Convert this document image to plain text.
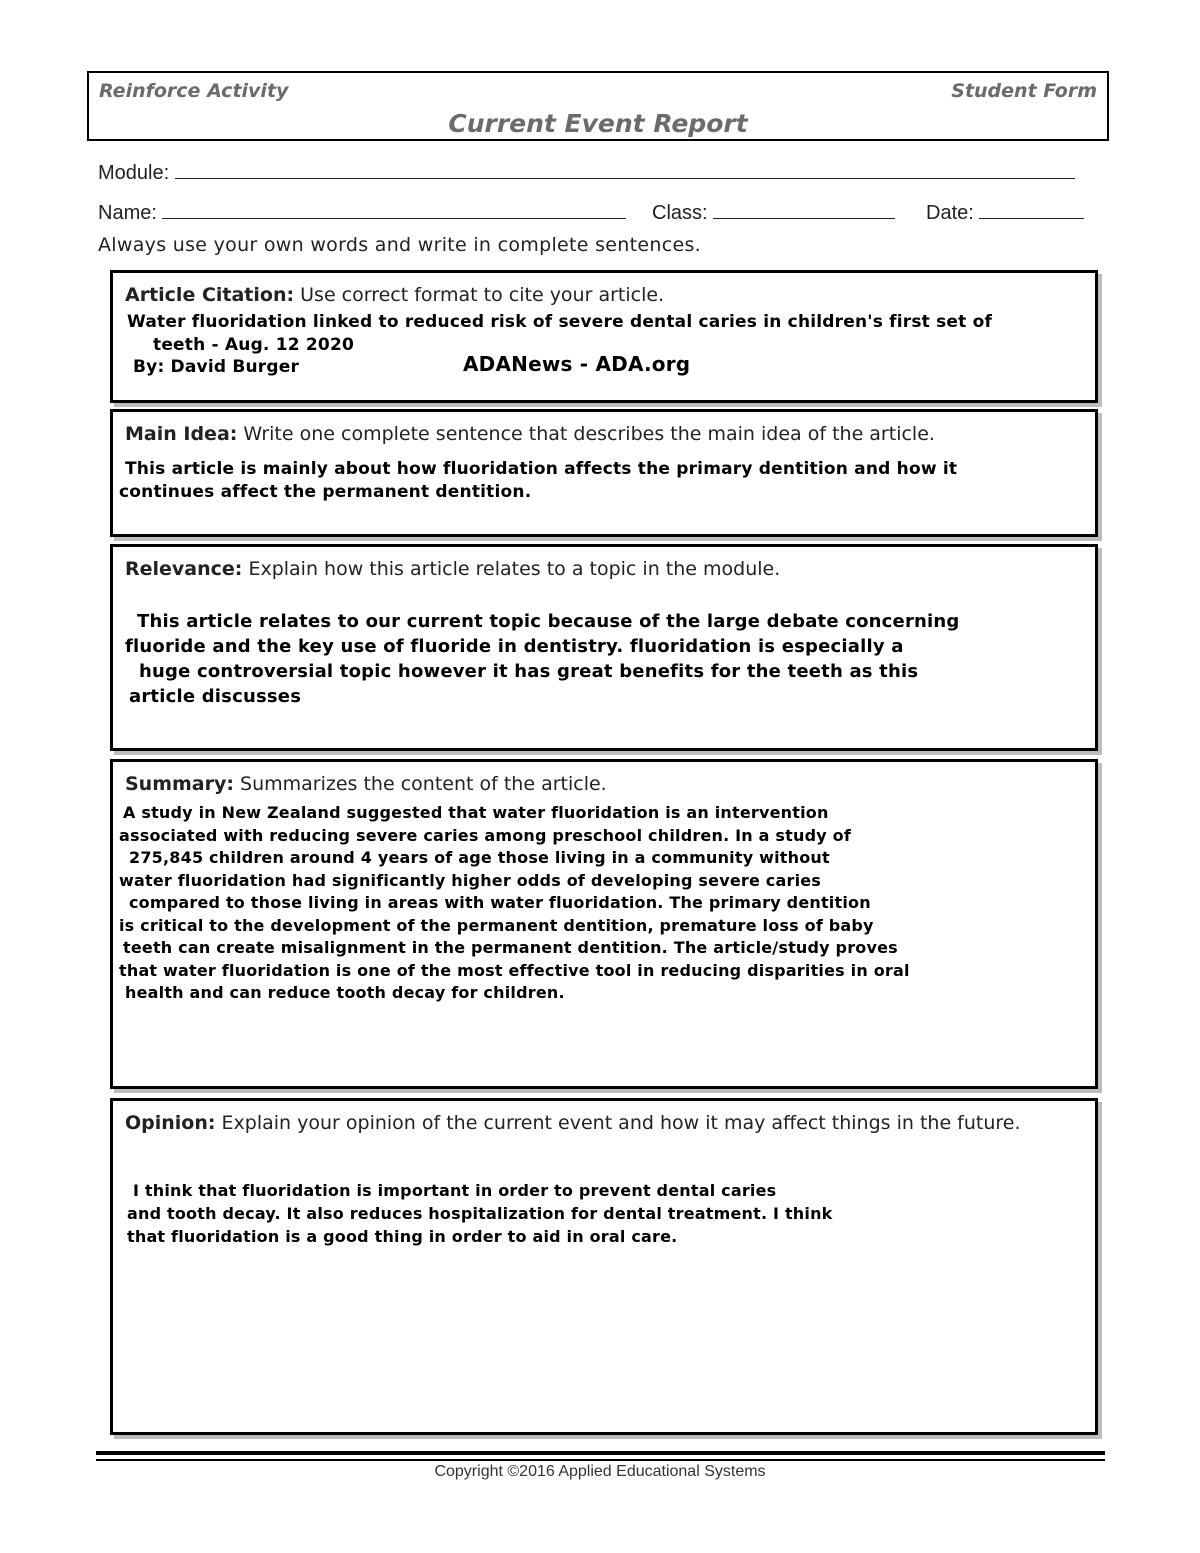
Reinforce Activity	Student Form
Current Event Report
Module:
Name:	Class:	Date:
Always use your own words and write in complete sentences.
Article Citation: Use correct format to cite your article.
Water fluoridation linked to reduced risk of severe dental caries in children's first set of
teeth - Aug. 12 2020
By: David Burger	ADANews - ADA.org
Main Idea: Write one complete sentence that describes the main idea of the article.
This article is mainly about how fluoridation affects the primary dentition and how it
continues affect the permanent dentition.
Relevance: Explain how this article relates to a topic in the module.
This article relates to our current topic because of the large debate concerning
fluoride and the key use of fluoride in dentistry. fluoridation is especially a
huge controversial topic however it has great benefits for the teeth as this
article discusses
Summary: Summarizes the content of the article.
A study in New Zealand suggested that water fluoridation is an intervention
associated with reducing severe caries among preschool children. In a study of
275,845 children around 4 years of age those living in a community without
water fluoridation had significantly higher odds of developing severe caries
compared to those living in areas with water fluoridation. The primary dentition
is critical to the development of the permanent dentition, premature loss of baby
teeth can create misalignment in the permanent dentition. The article/study proves
that water fluoridation is one of the most effective tool in reducing disparities in oral
health and can reduce tooth decay for children.
Opinion: Explain your opinion of the current event and how it may affect things in the future.
I think that fluoridation is important in order to prevent dental caries
and tooth decay. It also reduces hospitalization for dental treatment. I think
that fluoridation is a good thing in order to aid in oral care.
Copyright ©2016 Applied Educational Systems
